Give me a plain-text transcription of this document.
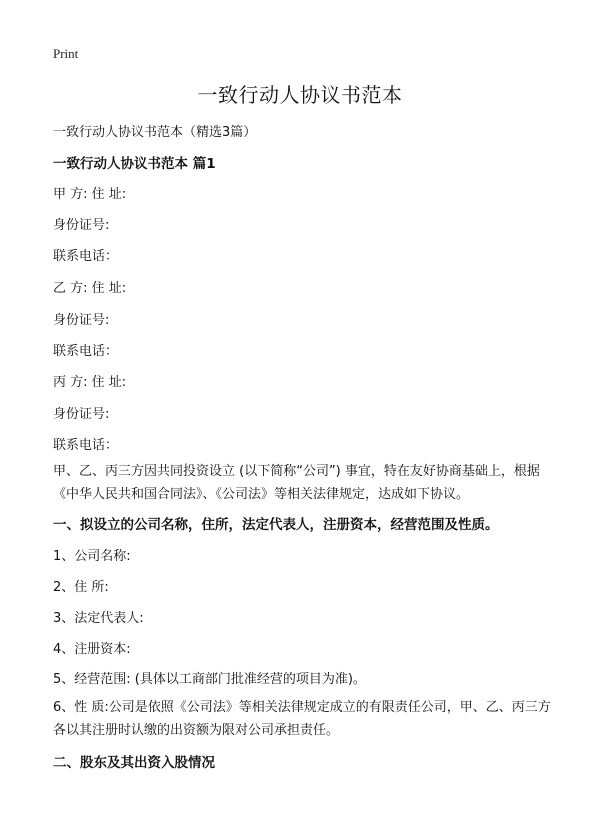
Print
一致行动人协议书范本
一致行动人协议书范本（精选3篇）
一致行动人协议书范本 篇1
甲 方: 住 址:
身份证号:
联系电话：
乙 方: 住 址:
身份证号:
联系电话：
丙 方: 住 址:
身份证号:
联系电话：
甲、乙、丙三方因共同投资设立 (以下简称“公司”) 事宜，特在友好协商基础上，根据《中华人民共和国合同法》、《公司法》等相关法律规定，达成如下协议。
一、拟设立的公司名称，住所，法定代表人，注册资本，经营范围及性质。
1、公司名称:
2、住 所:
3、法定代表人:
4、注册资本:
5、经营范围: (具体以工商部门批准经营的项目为准)。
6、性 质:公司是依照《公司法》等相关法律规定成立的有限责任公司，甲、乙、丙三方各以其注册时认缴的出资额为限对公司承担责任。
二、股东及其出资入股情况
